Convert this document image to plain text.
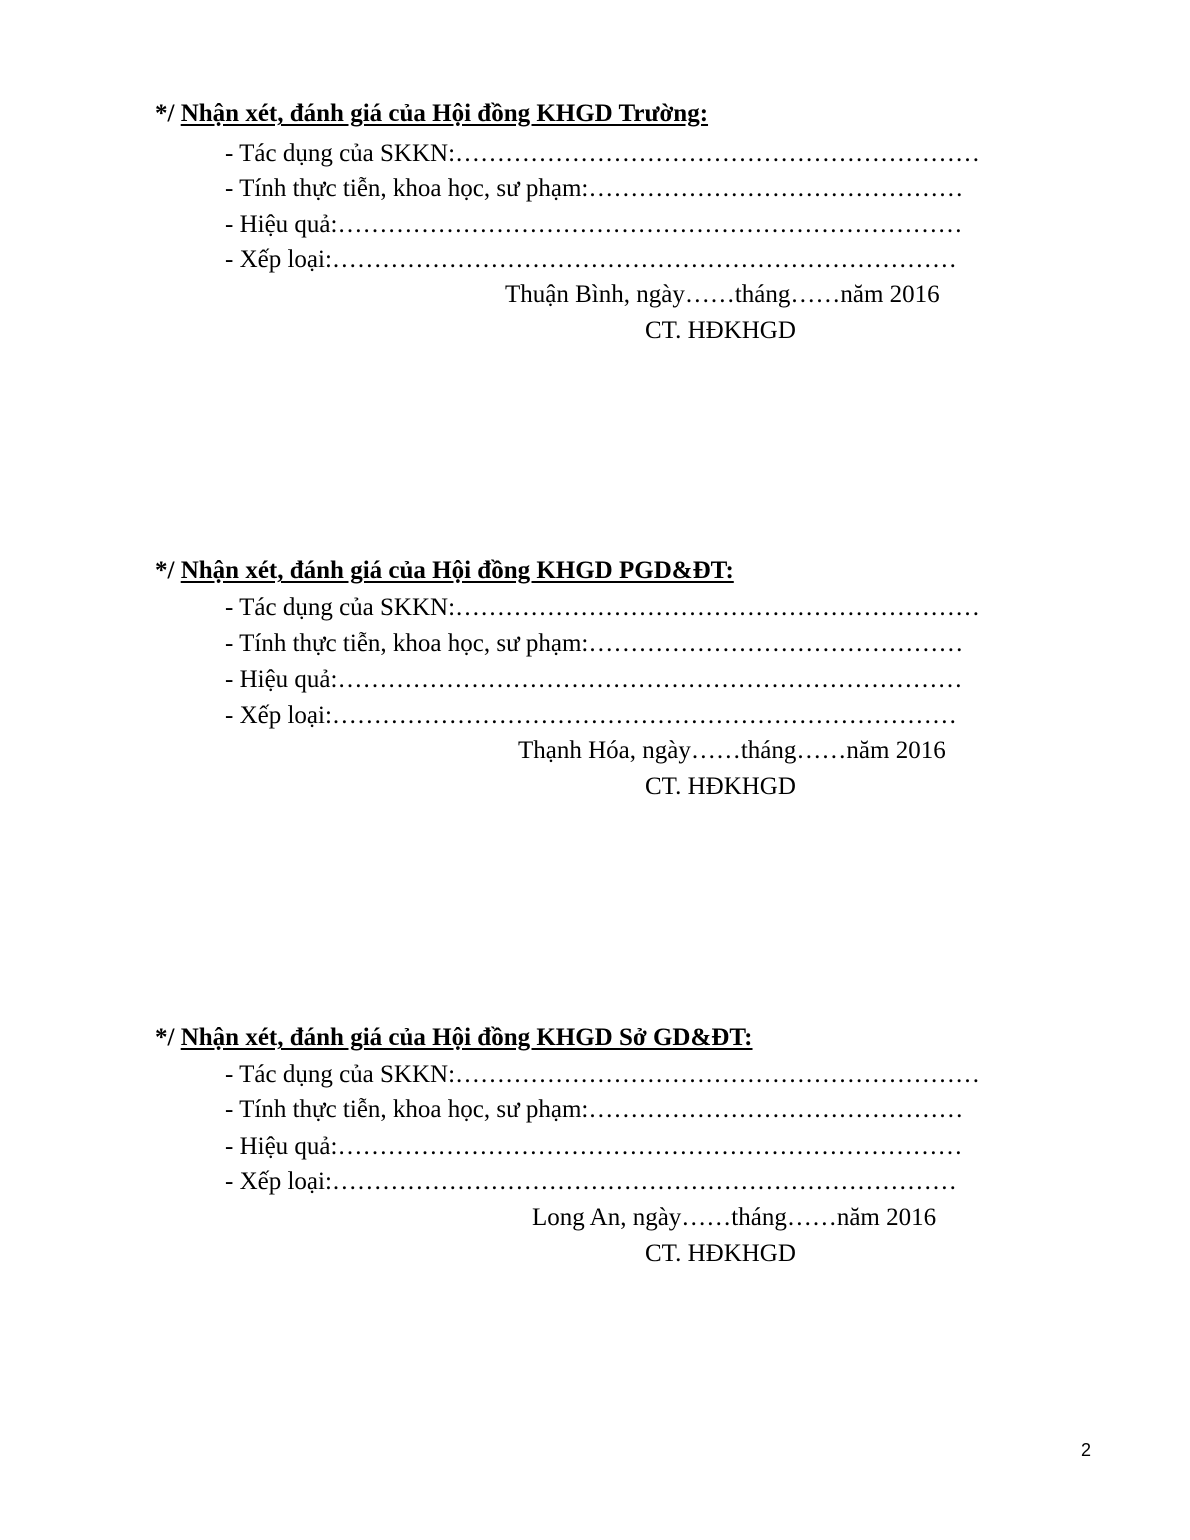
*/ Nhận xét, đánh giá của Hội đồng KHGD Trường:
- Tác dụng của SKKN:………………………………………………………
- Tính thực tiễn, khoa học, sư phạm:………………………………………
- Hiệu quả:…………………………………………………………………
- Xếp loại:…………………………………………………………………
Thuận Bình, ngày……tháng……năm 2016
CT. HĐKHGD
*/ Nhận xét, đánh giá của Hội đồng KHGD PGD&ĐT:
- Tác dụng của SKKN:………………………………………………………
- Tính thực tiễn, khoa học, sư phạm:………………………………………
- Hiệu quả:…………………………………………………………………
- Xếp loại:…………………………………………………………………
Thạnh Hóa, ngày……tháng……năm 2016
CT. HĐKHGD
*/ Nhận xét, đánh giá của Hội đồng KHGD Sở GD&ĐT:
- Tác dụng của SKKN:………………………………………………………
- Tính thực tiễn, khoa học, sư phạm:………………………………………
- Hiệu quả:…………………………………………………………………
- Xếp loại:…………………………………………………………………
Long An, ngày……tháng……năm 2016
CT. HĐKHGD
2
